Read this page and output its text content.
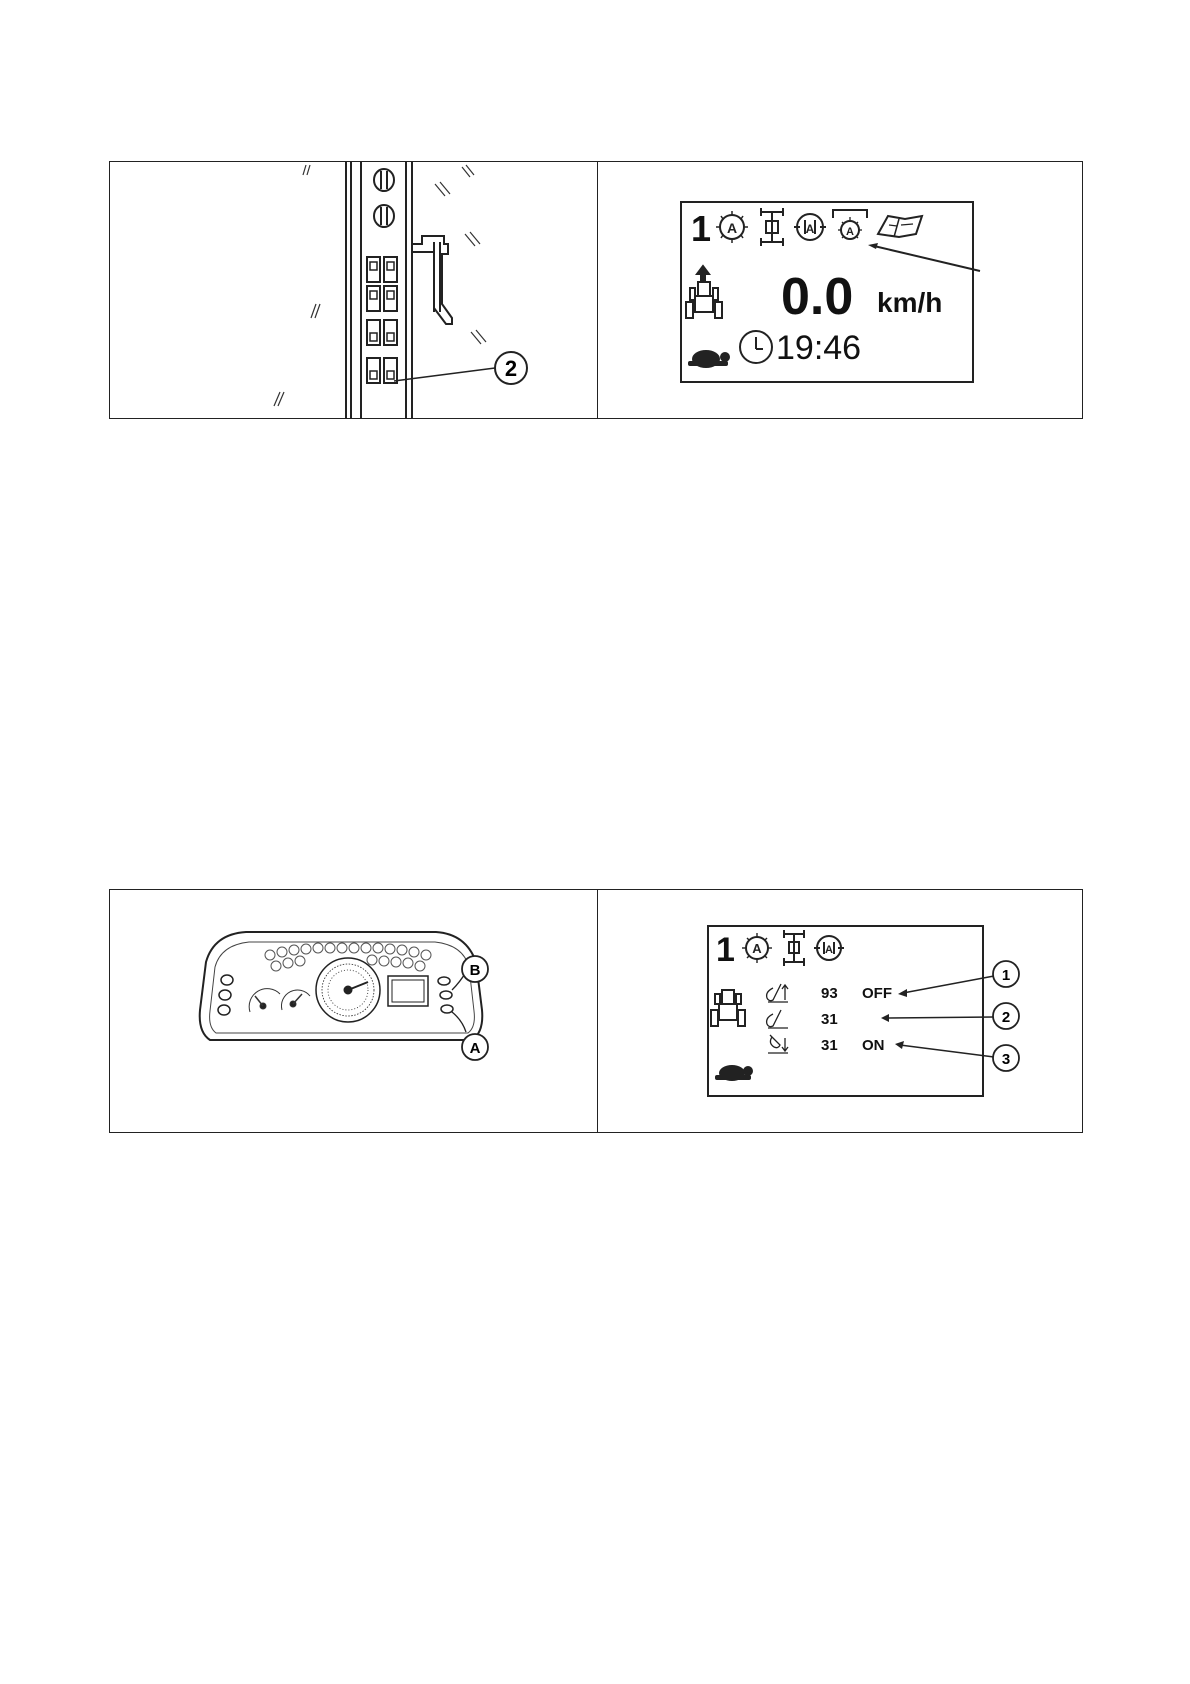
2
1 A	A	A
0.0 km/h
19:46
B
A
1 A	A
93 OFF
31
31 ON
1
2
3
